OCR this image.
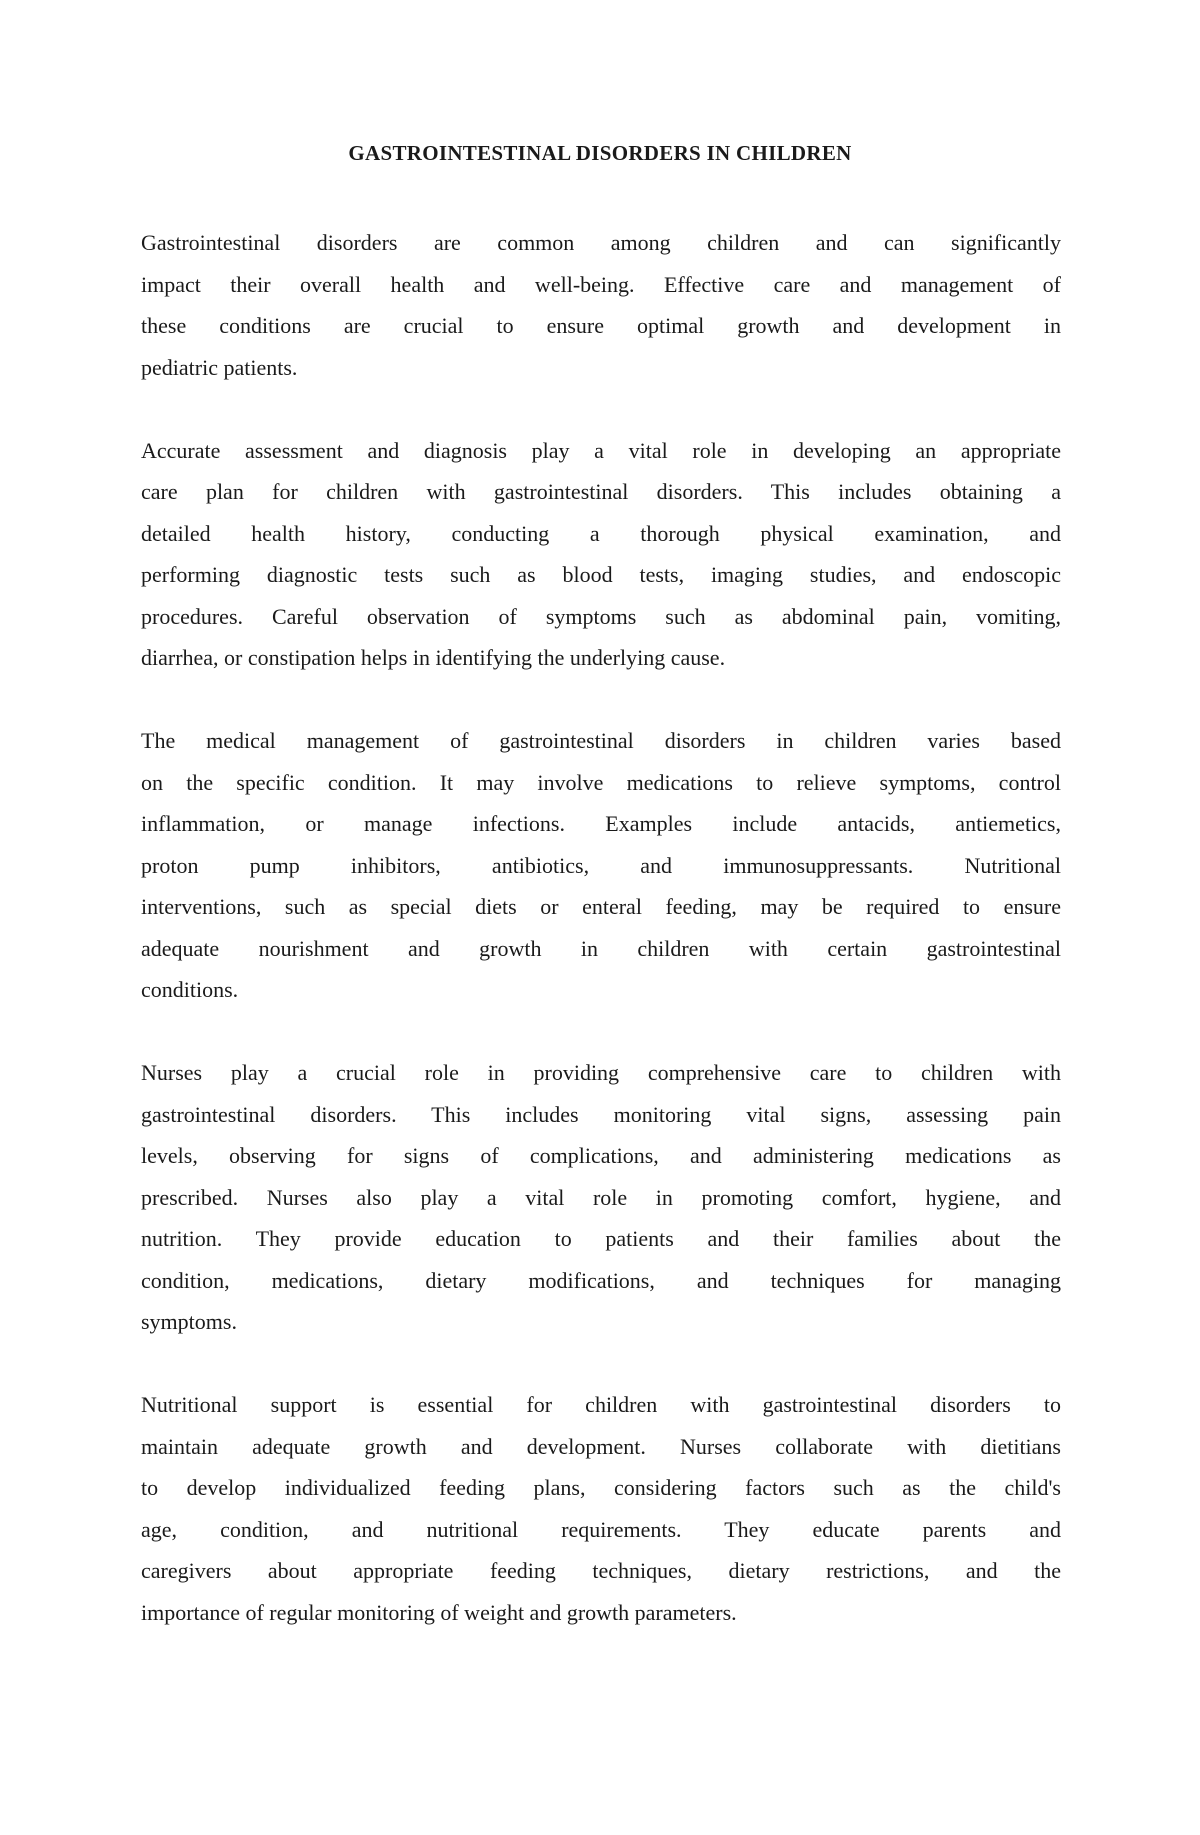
GASTROINTESTINAL DISORDERS IN CHILDREN
Gastrointestinal disorders are common among children and can significantly
impact their overall health and well-being. Effective care and management of
these conditions are crucial to ensure optimal growth and development in
pediatric patients.
Accurate assessment and diagnosis play a vital role in developing an appropriate
care plan for children with gastrointestinal disorders. This includes obtaining a
detailed health history, conducting a thorough physical examination, and
performing diagnostic tests such as blood tests, imaging studies, and endoscopic
procedures. Careful observation of symptoms such as abdominal pain, vomiting,
diarrhea, or constipation helps in identifying the underlying cause.
The medical management of gastrointestinal disorders in children varies based
on the specific condition. It may involve medications to relieve symptoms, control
inflammation, or manage infections. Examples include antacids, antiemetics,
proton pump inhibitors, antibiotics, and immunosuppressants. Nutritional
interventions, such as special diets or enteral feeding, may be required to ensure
adequate nourishment and growth in children with certain gastrointestinal
conditions.
Nurses play a crucial role in providing comprehensive care to children with
gastrointestinal disorders. This includes monitoring vital signs, assessing pain
levels, observing for signs of complications, and administering medications as
prescribed. Nurses also play a vital role in promoting comfort, hygiene, and
nutrition. They provide education to patients and their families about the
condition, medications, dietary modifications, and techniques for managing
symptoms.
Nutritional support is essential for children with gastrointestinal disorders to
maintain adequate growth and development. Nurses collaborate with dietitians
to develop individualized feeding plans, considering factors such as the child's
age, condition, and nutritional requirements. They educate parents and
caregivers about appropriate feeding techniques, dietary restrictions, and the
importance of regular monitoring of weight and growth parameters.
